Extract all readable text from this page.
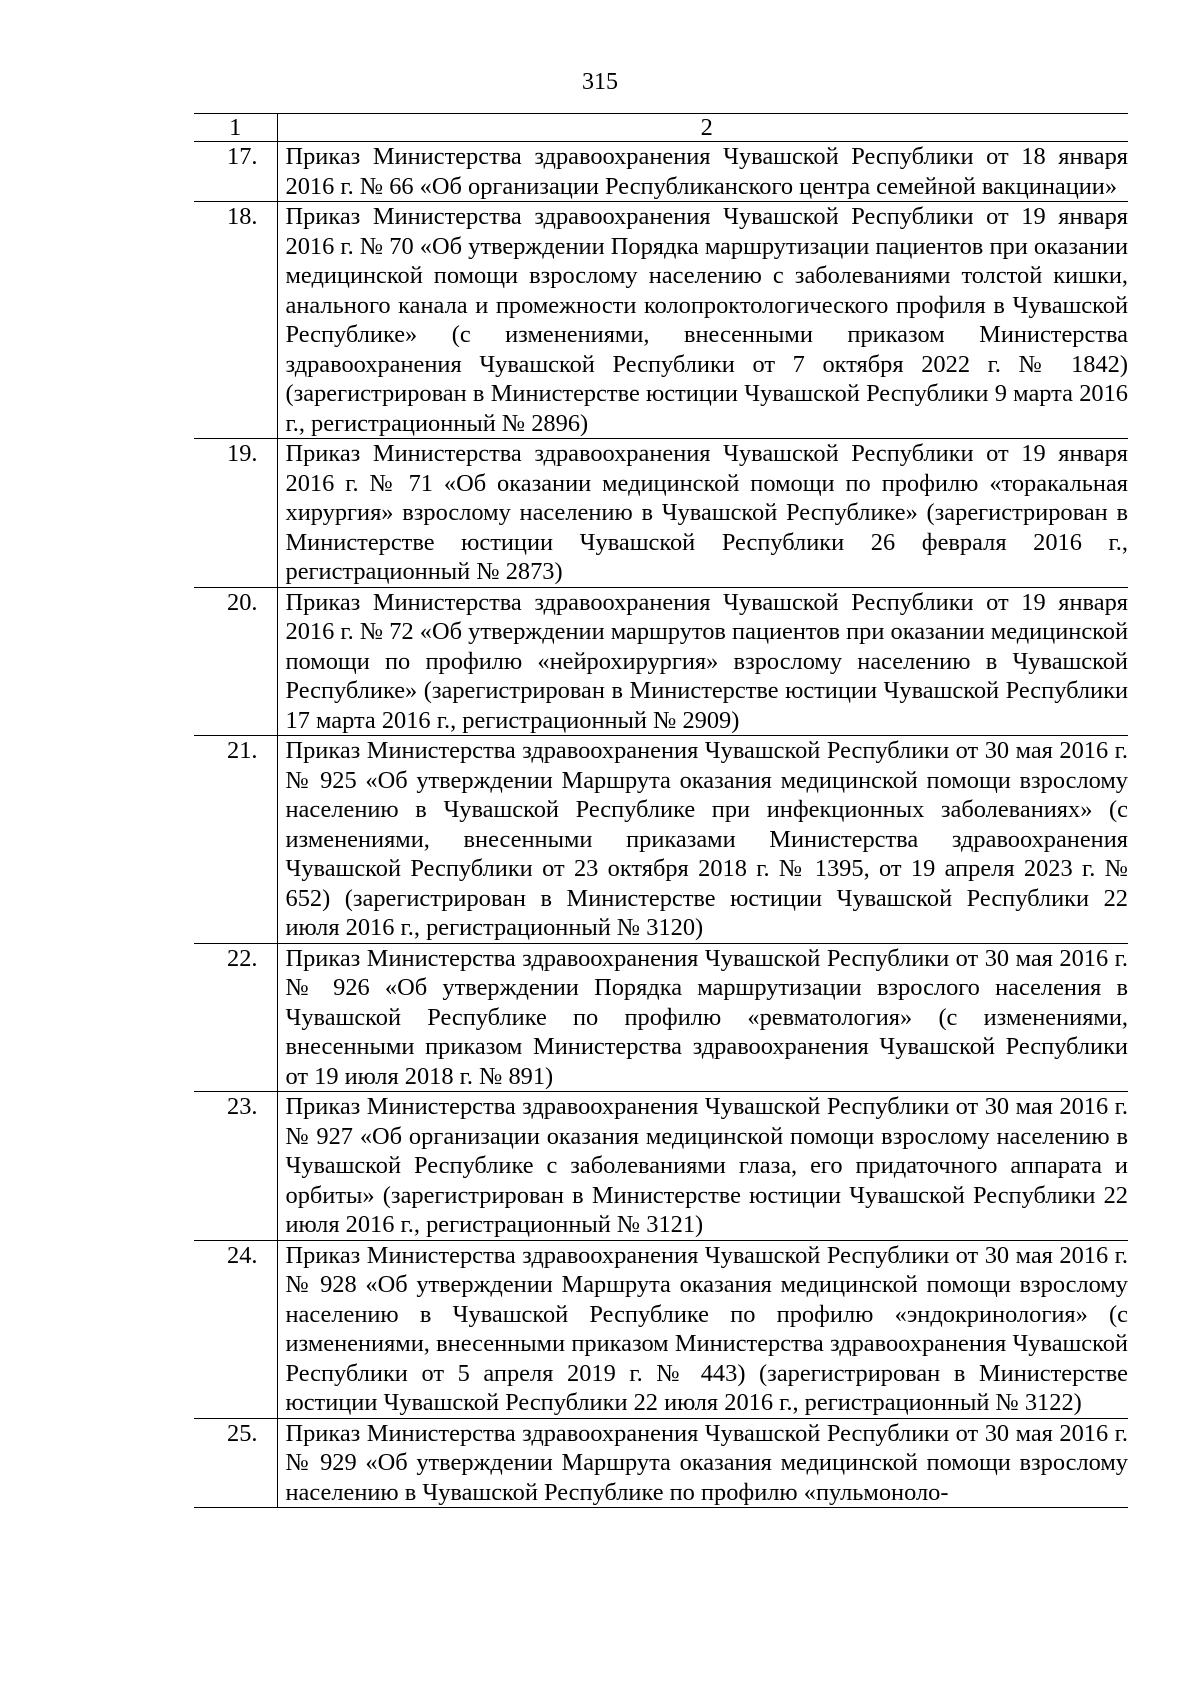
315
1	2
17.	Приказ Министерства здравоохранения Чувашской Республики от 18 января 2016 г. № 66 «Об организации Республиканского центра семейной вакцинации»
18.	Приказ Министерства здравоохранения Чувашской Республики от 19 января 2016 г. № 70 «Об утверждении Порядка маршрутизации пациентов при оказании медицинской помощи взрослому населению с заболеваниями толстой кишки, анального канала и промежности колопроктологического профиля в Чувашской Республике» (с изменениями, внесенными приказом Министерства здравоохранения Чувашской Республики от 7 октября 2022 г. № 1842) (зарегистрирован в Министерстве юстиции Чувашской Республики 9 марта 2016 г., регистрационный № 2896)
19.	Приказ Министерства здравоохранения Чувашской Республики от 19 января 2016 г. № 71 «Об оказании медицинской помощи по профилю «торакальная хирургия» взрослому населению в Чувашской Республике» (зарегистрирован в Министерстве юстиции Чувашской Республики 26 февраля 2016 г., регистрационный № 2873)
20.	Приказ Министерства здравоохранения Чувашской Республики от 19 января 2016 г. № 72 «Об утверждении маршрутов пациентов при оказании медицинской помощи по профилю «нейрохирургия» взрослому населению в Чувашской Республике» (зарегистрирован в Министерстве юстиции Чувашской Республики 17 марта 2016 г., регистрационный № 2909)
21.	Приказ Министерства здравоохранения Чувашской Республики от 30 мая 2016 г. № 925 «Об утверждении Маршрута оказания медицинской помощи взрослому населению в Чувашской Республике при инфекционных заболеваниях» (с изменениями, внесенными приказами Министерства здравоохранения Чувашской Республики от 23 октября 2018 г. № 1395, от 19 апреля 2023 г. № 652) (зарегистрирован в Министерстве юстиции Чувашской Республики 22 июля 2016 г., регистрационный № 3120)
22.	Приказ Министерства здравоохранения Чувашской Республики от 30 мая 2016 г. № 926 «Об утверждении Порядка маршрутизации взрослого населения в Чувашской Республике по профилю «ревматология» (с изменениями, внесенными приказом Министерства здравоохранения Чувашской Республики от 19 июля 2018 г. № 891)
23.	Приказ Министерства здравоохранения Чувашской Республики от 30 мая 2016 г. № 927 «Об организации оказания медицинской помощи взрослому населению в Чувашской Республике с заболеваниями глаза, его придаточного аппарата и орбиты» (зарегистрирован в Министерстве юстиции Чувашской Республики 22 июля 2016 г., регистрационный № 3121)
24.	Приказ Министерства здравоохранения Чувашской Республики от 30 мая 2016 г. № 928 «Об утверждении Маршрута оказания медицинской помощи взрослому населению в Чувашской Республике по профилю «эндокринология» (с изменениями, внесенными приказом Министерства здравоохранения Чувашской Республики от 5 апреля 2019 г. № 443) (зарегистрирован в Министерстве юстиции Чувашской Республики 22 июля 2016 г., регистрационный № 3122)
25.	Приказ Министерства здравоохранения Чувашской Республики от 30 мая 2016 г. № 929 «Об утверждении Маршрута оказания медицинской помощи взрослому населению в Чувашской Республике по профилю «пульмоноло-
